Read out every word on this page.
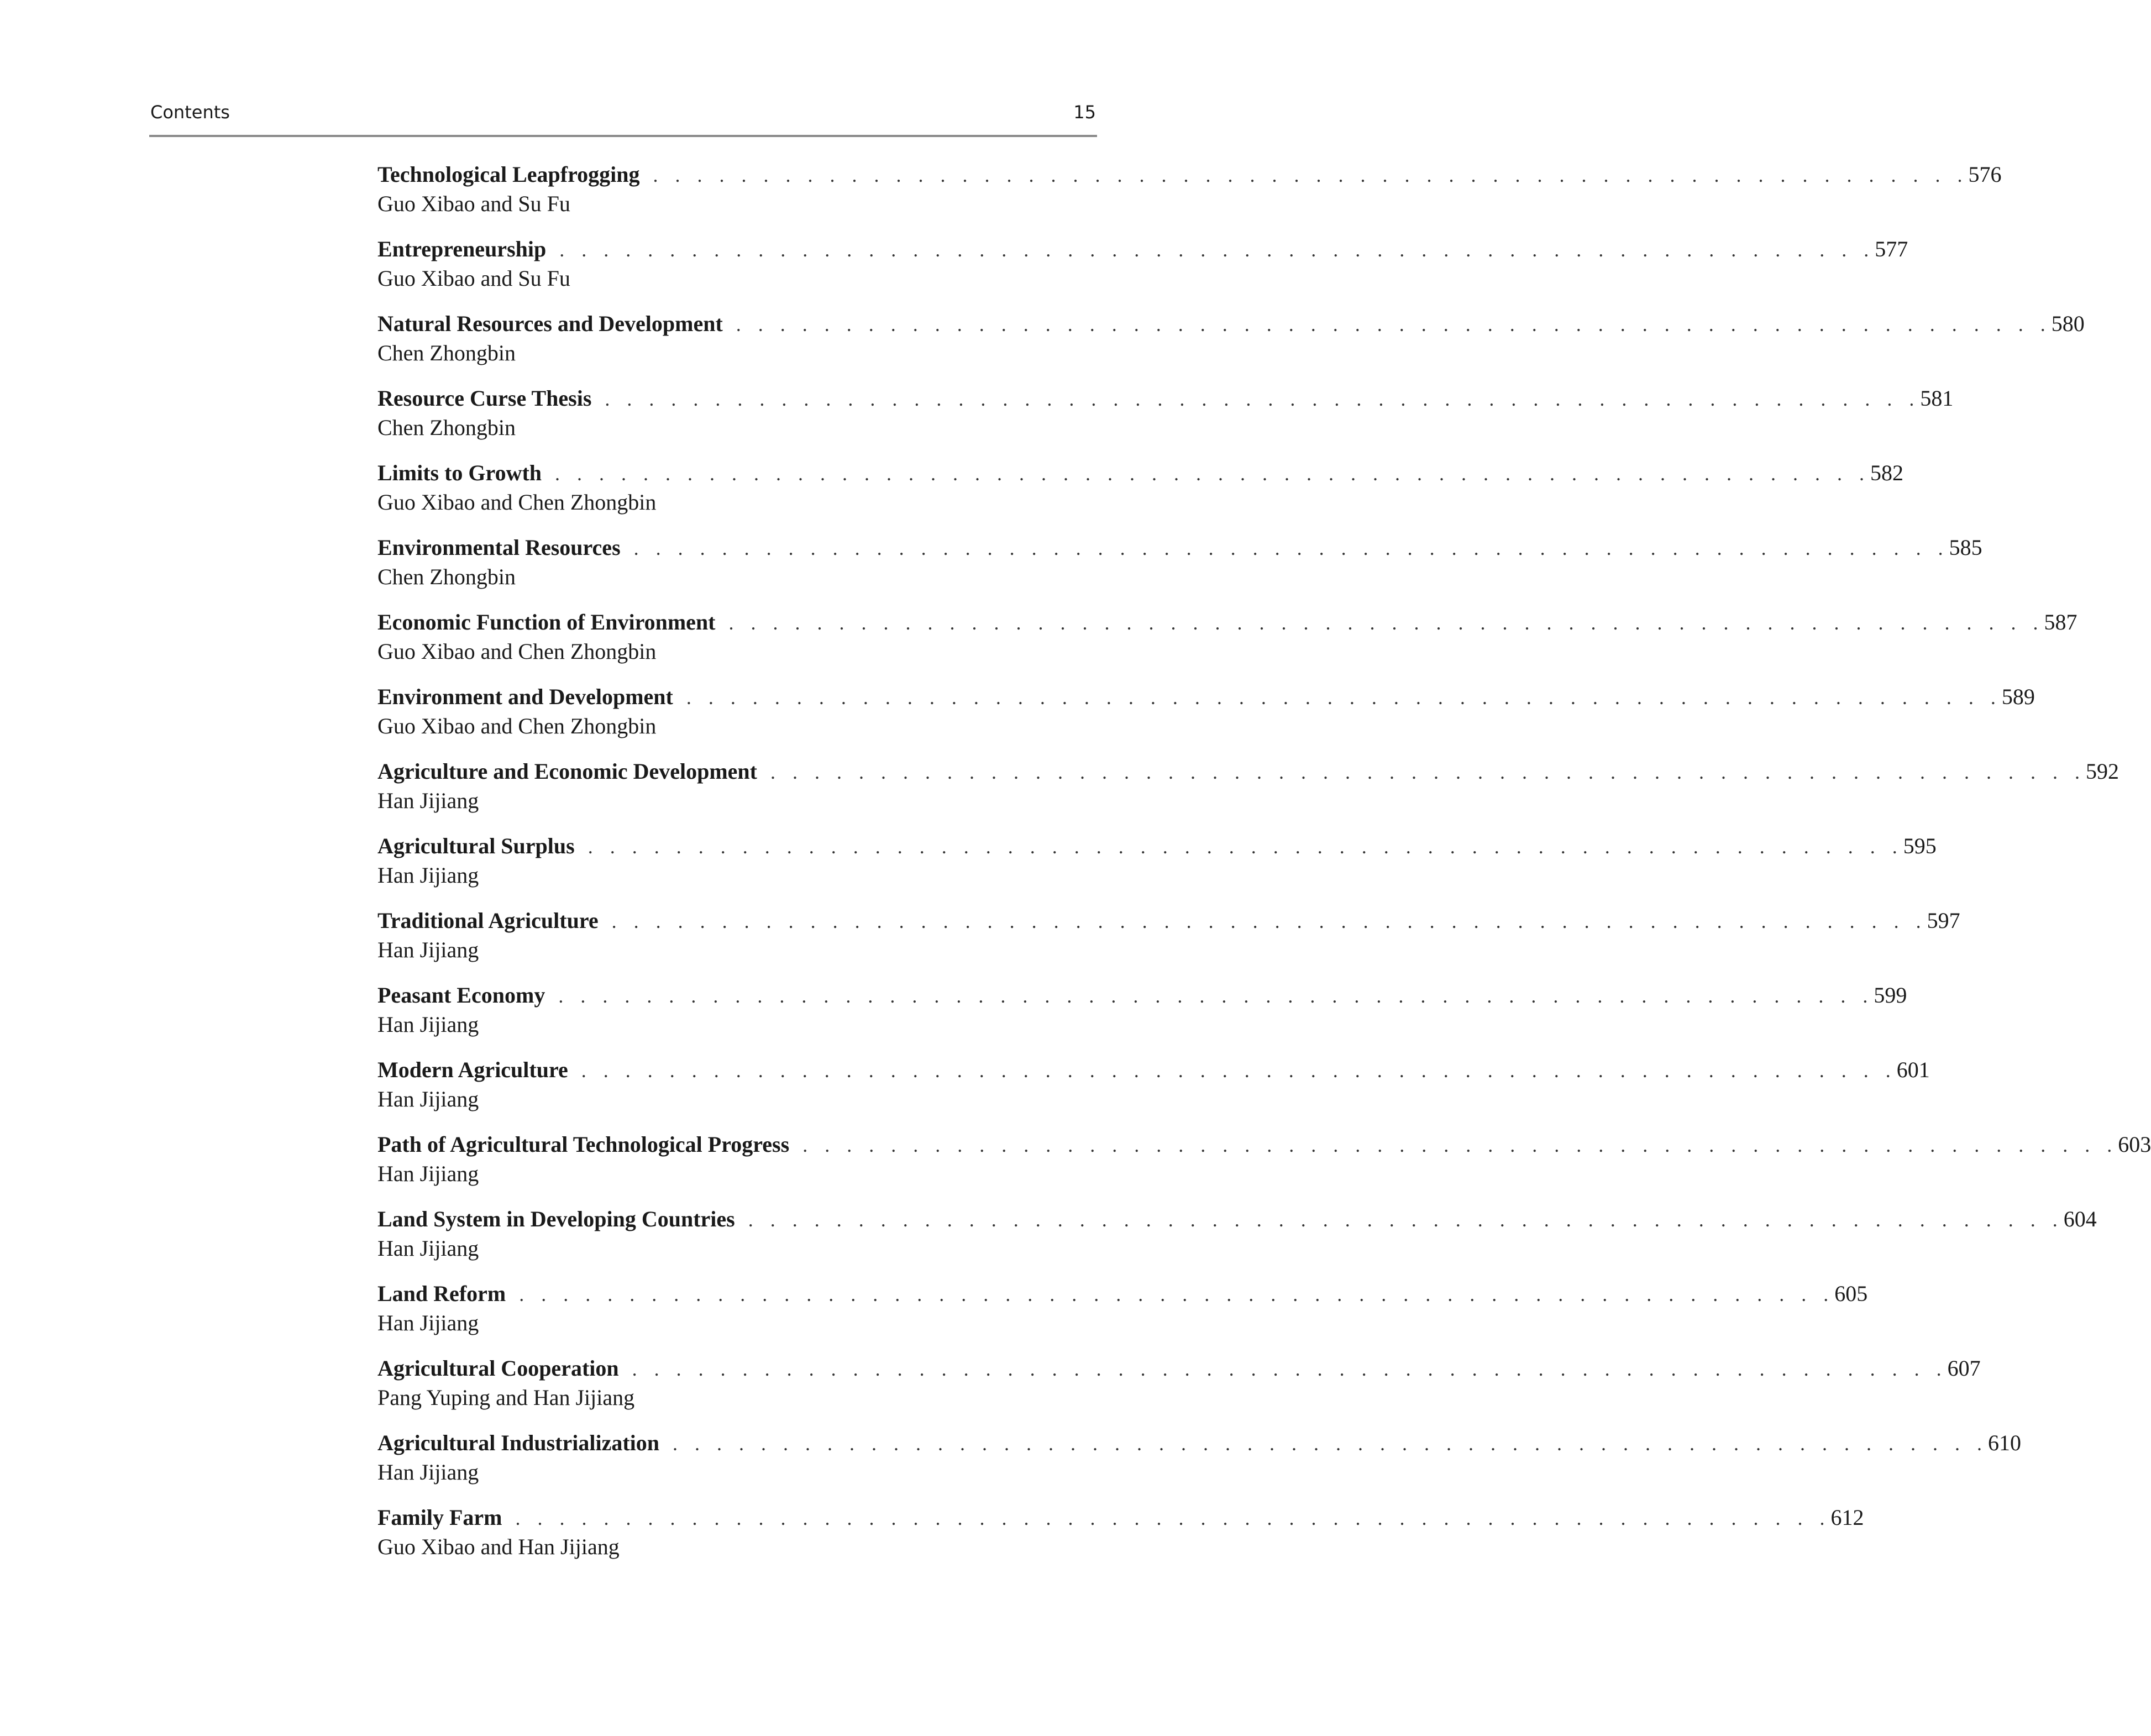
Contents	15
Technological Leapfrogging . . . . . . . . . . . . . . . . . . . . . . . . . . . . . . . . . . . . . . . . . . . . . . . . . . . . . . . . . . . . 576
Guo Xibao and Su Fu
Entrepreneurship . . . . . . . . . . . . . . . . . . . . . . . . . . . . . . . . . . . . . . . . . . . . . . . . . . . . . . . . . . . . 577
Guo Xibao and Su Fu
Natural Resources and Development . . . . . . . . . . . . . . . . . . . . . . . . . . . . . . . . . . . . . . . . . . . . . . . . . . . . . . . . . . . . 580
Chen Zhongbin
Resource Curse Thesis . . . . . . . . . . . . . . . . . . . . . . . . . . . . . . . . . . . . . . . . . . . . . . . . . . . . . . . . . . . . 581
Chen Zhongbin
Limits to Growth . . . . . . . . . . . . . . . . . . . . . . . . . . . . . . . . . . . . . . . . . . . . . . . . . . . . . . . . . . . . 582
Guo Xibao and Chen Zhongbin
Environmental Resources . . . . . . . . . . . . . . . . . . . . . . . . . . . . . . . . . . . . . . . . . . . . . . . . . . . . . . . . . . . . 585
Chen Zhongbin
Economic Function of Environment . . . . . . . . . . . . . . . . . . . . . . . . . . . . . . . . . . . . . . . . . . . . . . . . . . . . . . . . . . . . 587
Guo Xibao and Chen Zhongbin
Environment and Development . . . . . . . . . . . . . . . . . . . . . . . . . . . . . . . . . . . . . . . . . . . . . . . . . . . . . . . . . . . . 589
Guo Xibao and Chen Zhongbin
Agriculture and Economic Development . . . . . . . . . . . . . . . . . . . . . . . . . . . . . . . . . . . . . . . . . . . . . . . . . . . . . . . . . . . . 592
Han Jijiang
Agricultural Surplus . . . . . . . . . . . . . . . . . . . . . . . . . . . . . . . . . . . . . . . . . . . . . . . . . . . . . . . . . . . . 595
Han Jijiang
Traditional Agriculture . . . . . . . . . . . . . . . . . . . . . . . . . . . . . . . . . . . . . . . . . . . . . . . . . . . . . . . . . . . . 597
Han Jijiang
Peasant Economy . . . . . . . . . . . . . . . . . . . . . . . . . . . . . . . . . . . . . . . . . . . . . . . . . . . . . . . . . . . . 599
Han Jijiang
Modern Agriculture . . . . . . . . . . . . . . . . . . . . . . . . . . . . . . . . . . . . . . . . . . . . . . . . . . . . . . . . . . . . 601
Han Jijiang
Path of Agricultural Technological Progress . . . . . . . . . . . . . . . . . . . . . . . . . . . . . . . . . . . . . . . . . . . . . . . . . . . . . . . . . . . . 603
Han Jijiang
Land System in Developing Countries . . . . . . . . . . . . . . . . . . . . . . . . . . . . . . . . . . . . . . . . . . . . . . . . . . . . . . . . . . . . 604
Han Jijiang
Land Reform . . . . . . . . . . . . . . . . . . . . . . . . . . . . . . . . . . . . . . . . . . . . . . . . . . . . . . . . . . . . 605
Han Jijiang
Agricultural Cooperation . . . . . . . . . . . . . . . . . . . . . . . . . . . . . . . . . . . . . . . . . . . . . . . . . . . . . . . . . . . . 607
Pang Yuping and Han Jijiang
Agricultural Industrialization . . . . . . . . . . . . . . . . . . . . . . . . . . . . . . . . . . . . . . . . . . . . . . . . . . . . . . . . . . . . 610
Han Jijiang
Family Farm . . . . . . . . . . . . . . . . . . . . . . . . . . . . . . . . . . . . . . . . . . . . . . . . . . . . . . . . . . . . 612
Guo Xibao and Han Jijiang
